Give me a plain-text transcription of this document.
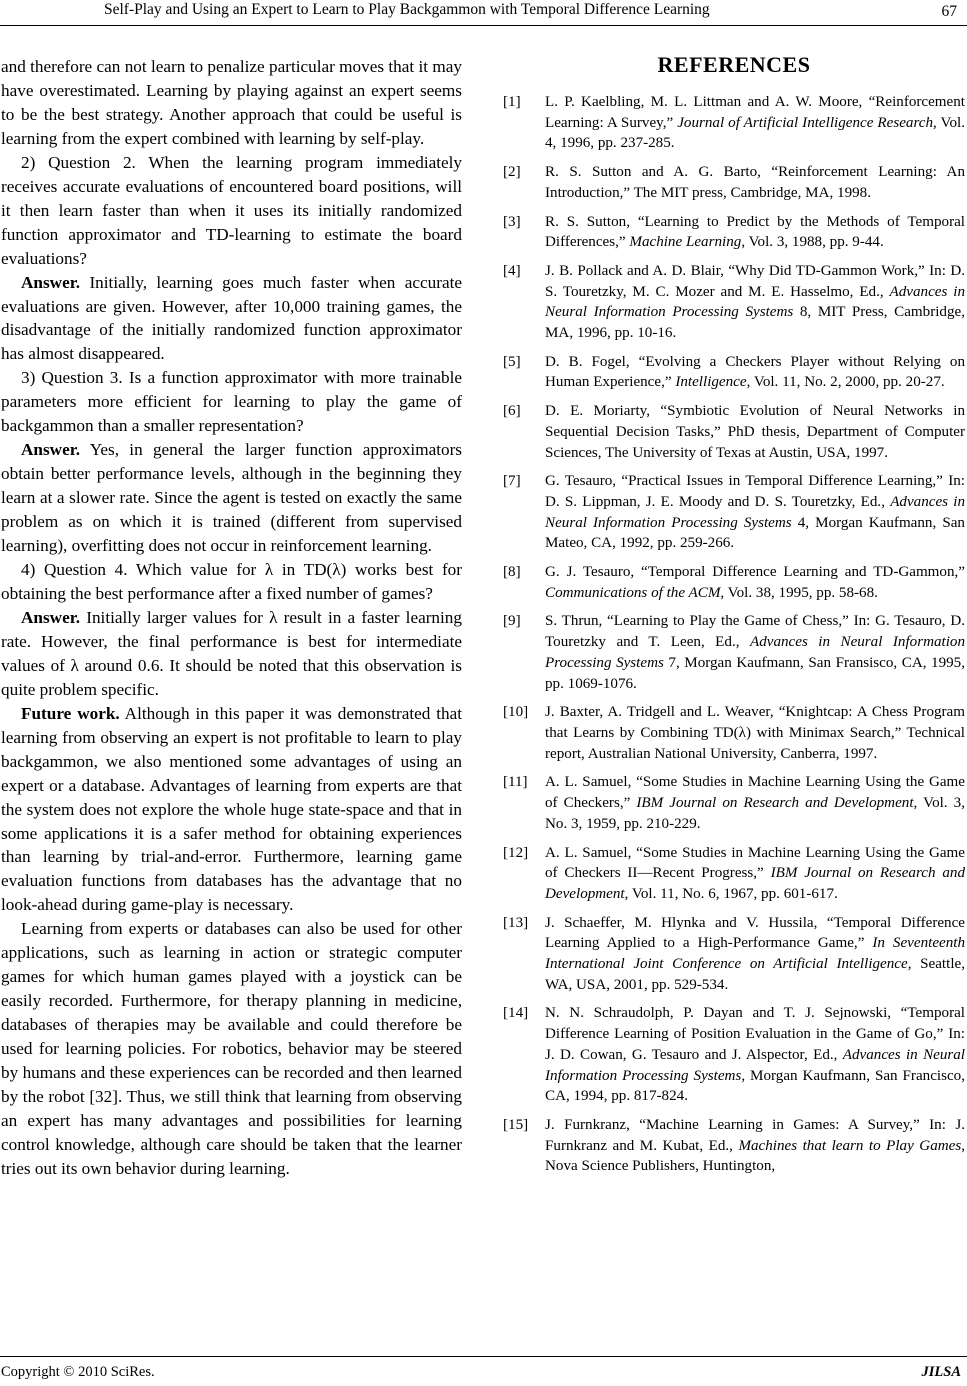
Self-Play and Using an Expert to Learn to Play Backgammon with Temporal Difference Learning	67

and therefore can not learn to penalize particular moves that it may have overestimated. Learning by playing against an expert seems to be the best strategy. Another approach that could be useful is learning from the expert combined with learning by self-play.

2) Question 2. When the learning program immediately receives accurate evaluations of encountered board positions, will it then learn faster than when it uses its initially randomized function approximator and TD-learning to estimate the board evaluations?

Answer. Initially, learning goes much faster when accurate evaluations are given. However, after 10,000 training games, the disadvantage of the initially randomized function approximator has almost disappeared.

3) Question 3. Is a function approximator with more trainable parameters more efficient for learning to play the game of backgammon than a smaller representation?

Answer. Yes, in general the larger function approximators obtain better performance levels, although in the beginning they learn at a slower rate. Since the agent is tested on exactly the same problem as on which it is trained (different from supervised learning), overfitting does not occur in reinforcement learning.

4) Question 4. Which value for λ in TD(λ) works best for obtaining the best performance after a fixed number of games?

Answer. Initially larger values for λ result in a faster learning rate. However, the final performance is best for intermediate values of λ around 0.6. It should be noted that this observation is quite problem specific.

Future work. Although in this paper it was demonstrated that learning from observing an expert is not profitable to learn to play backgammon, we also mentioned some advantages of using an expert or a database. Advantages of learning from experts are that the system does not explore the whole huge state-space and that in some applications it is a safer method for obtaining experiences than learning by trial-and-error. Furthermore, learning game evaluation functions from databases has the advantage that no look-ahead during game-play is necessary.

Learning from experts or databases can also be used for other applications, such as learning in action or strategic computer games for which human games played with a joystick can be easily recorded. Furthermore, for therapy planning in medicine, databases of therapies may be available and could therefore be used for learning policies. For robotics, behavior may be steered by humans and these experiences can be recorded and then learned by the robot [32]. Thus, we still think that learning from observing an expert has many advantages and possibilities for learning control knowledge, although care should be taken that the learner tries out its own behavior during learning.

REFERENCES
[1] L. P. Kaelbling, M. L. Littman and A. W. Moore, “Reinforcement Learning: A Survey,” Journal of Artificial Intelligence Research, Vol. 4, 1996, pp. 237-285.
[2] R. S. Sutton and A. G. Barto, “Reinforcement Learning: An Introduction,” The MIT press, Cambridge, MA, 1998.
[3] R. S. Sutton, “Learning to Predict by the Methods of Temporal Differences,” Machine Learning, Vol. 3, 1988, pp. 9-44.
[4] J. B. Pollack and A. D. Blair, “Why Did TD-Gammon Work,” In: D. S. Touretzky, M. C. Mozer and M. E. Hasselmo, Ed., Advances in Neural Information Processing Systems 8, MIT Press, Cambridge, MA, 1996, pp. 10-16.
[5] D. B. Fogel, “Evolving a Checkers Player without Relying on Human Experience,” Intelligence, Vol. 11, No. 2, 2000, pp. 20-27.
[6] D. E. Moriarty, “Symbiotic Evolution of Neural Networks in Sequential Decision Tasks,” PhD thesis, Department of Computer Sciences, The University of Texas at Austin, USA, 1997.
[7] G. Tesauro, “Practical Issues in Temporal Difference Learning,” In: D. S. Lippman, J. E. Moody and D. S. Touretzky, Ed., Advances in Neural Information Processing Systems 4, Morgan Kaufmann, San Mateo, CA, 1992, pp. 259-266.
[8] G. J. Tesauro, “Temporal Difference Learning and TD-Gammon,” Communications of the ACM, Vol. 38, 1995, pp. 58-68.
[9] S. Thrun, “Learning to Play the Game of Chess,” In: G. Tesauro, D. Touretzky and T. Leen, Ed., Advances in Neural Information Processing Systems 7, Morgan Kaufmann, San Fransisco, CA, 1995, pp. 1069-1076.
[10] J. Baxter, A. Tridgell and L. Weaver, “Knightcap: A Chess Program that Learns by Combining TD(λ) with Minimax Search,” Technical report, Australian National University, Canberra, 1997.
[11] A. L. Samuel, “Some Studies in Machine Learning Using the Game of Checkers,” IBM Journal on Research and Development, Vol. 3, No. 3, 1959, pp. 210-229.
[12] A. L. Samuel, “Some Studies in Machine Learning Using the Game of Checkers II—Recent Progress,” IBM Journal on Research and Development, Vol. 11, No. 6, 1967, pp. 601-617.
[13] J. Schaeffer, M. Hlynka and V. Hussila, “Temporal Difference Learning Applied to a High-Performance Game,” In Seventeenth International Joint Conference on Artificial Intelligence, Seattle, WA, USA, 2001, pp. 529-534.
[14] N. N. Schraudolph, P. Dayan and T. J. Sejnowski, “Temporal Difference Learning of Position Evaluation in the Game of Go,” In: J. D. Cowan, G. Tesauro and J. Alspector, Ed., Advances in Neural Information Processing Systems, Morgan Kaufmann, San Francisco, CA, 1994, pp. 817-824.
[15] J. Furnkranz, “Machine Learning in Games: A Survey,” In: J. Furnkranz and M. Kubat, Ed., Machines that learn to Play Games, Nova Science Publishers, Huntington,
Copyright © 2010 SciRes.	JILSA
